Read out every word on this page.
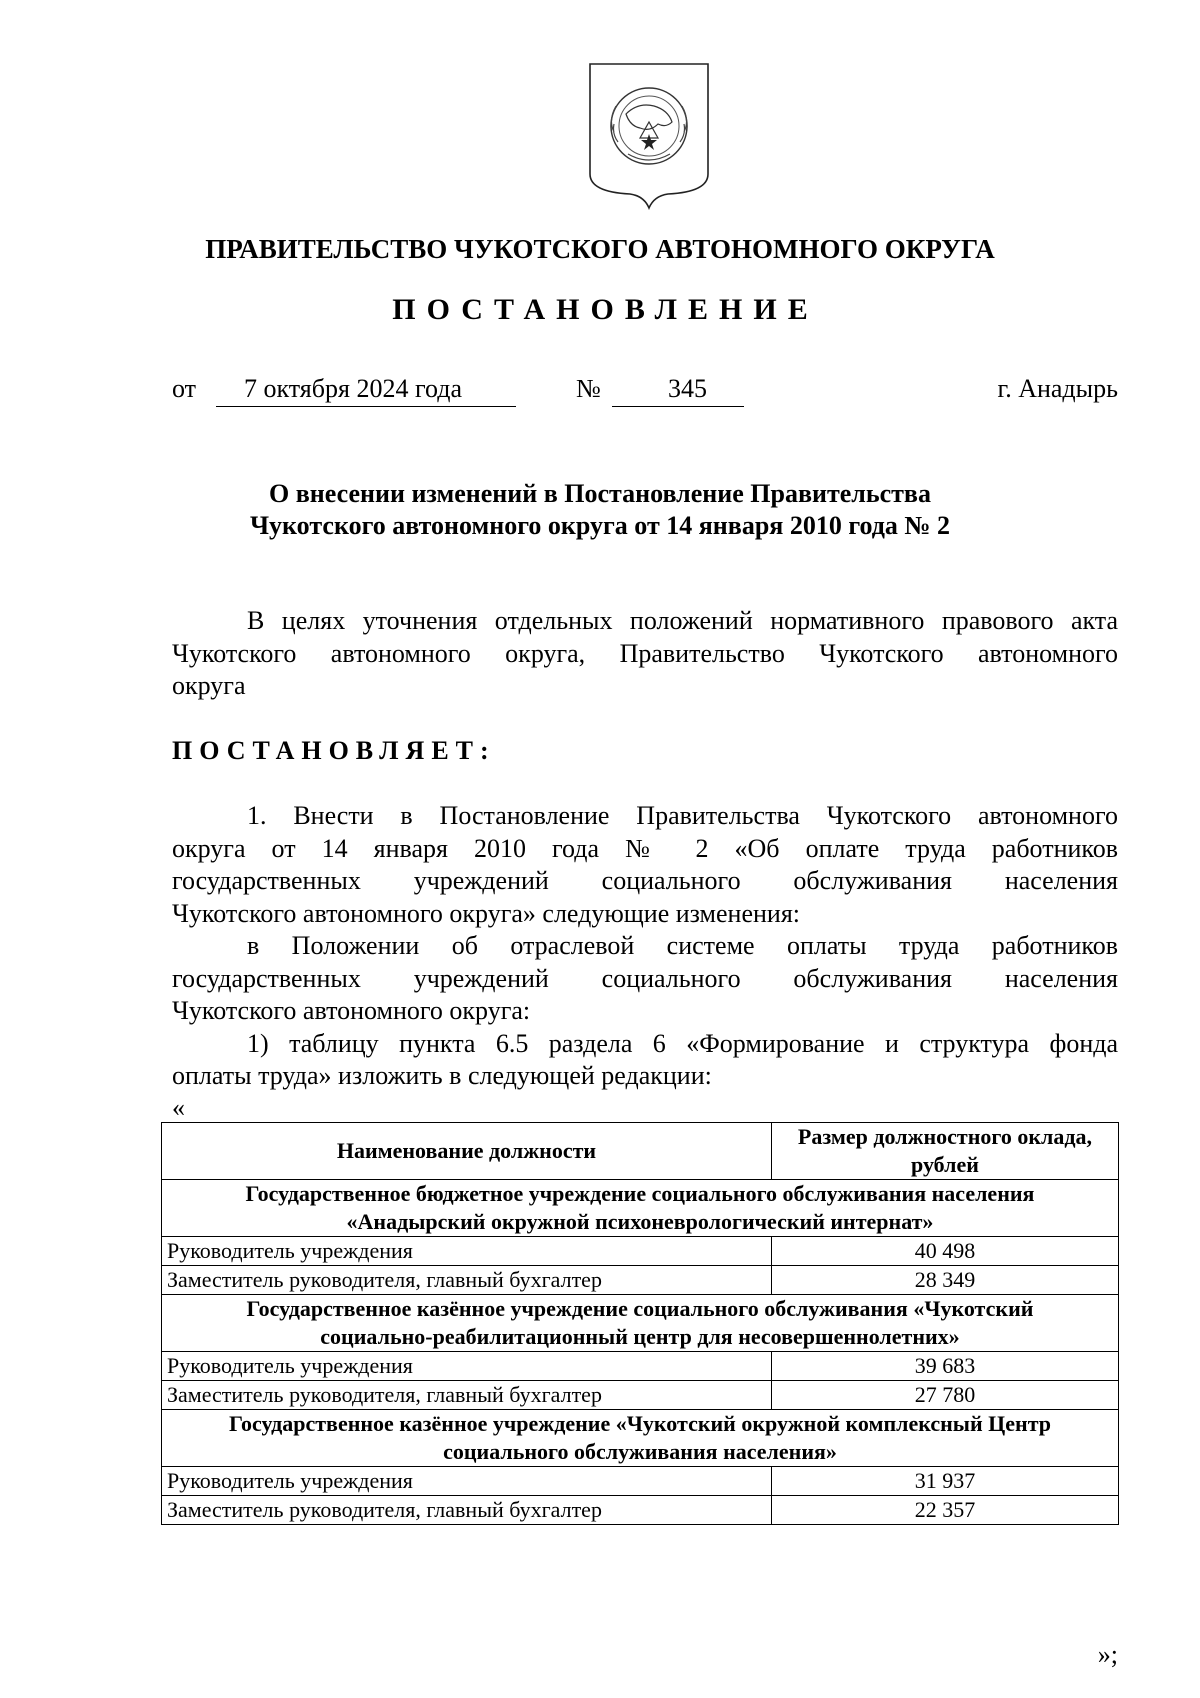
ПРАВИТЕЛЬСТВО ЧУКОТСКОГО АВТОНОМНОГО ОКРУГА
ПОСТАНОВЛЕНИЕ
от 7 октября 2024 года	№	345	г. Анадырь
О внесении изменений в Постановление Правительства
Чукотского автономного округа от 14 января 2010 года № 2
В целях уточнения отдельных положений нормативного правового акта
Чукотского автономного округа, Правительство Чукотского автономного
округа
ПОСТАНОВЛЯЕТ:
1. Внести в Постановление Правительства Чукотского автономного
округа от 14 января 2010 года № 2 «Об оплате труда работников
государственных учреждений социального обслуживания населения
Чукотского автономного округа» следующие изменения:
в Положении об отраслевой системе оплаты труда работников
государственных учреждений социального обслуживания населения
Чукотского автономного округа:
1) таблицу пункта 6.5 раздела 6 «Формирование и структура фонда
оплаты труда» изложить в следующей редакции:
«
Наименование должности	Размер должностного оклада,
рублей

Государственное бюджетное учреждение социального обслуживания населения
«Анадырский окружной психоневрологический интернат»	

Руководитель учреждения	40 498
Заместитель руководителя, главный бухгалтер	28 349

Государственное казённое учреждение социального обслуживания «Чукотский
социально-реабилитационный центр для несовершеннолетних»	

Руководитель учреждения	39 683
Заместитель руководителя, главный бухгалтер	27 780

Государственное казённое учреждение «Чукотский окружной комплексный Центр
социального обслуживания населения»	

Руководитель учреждения	31 937
Заместитель руководителя, главный бухгалтер	22 357
»;
